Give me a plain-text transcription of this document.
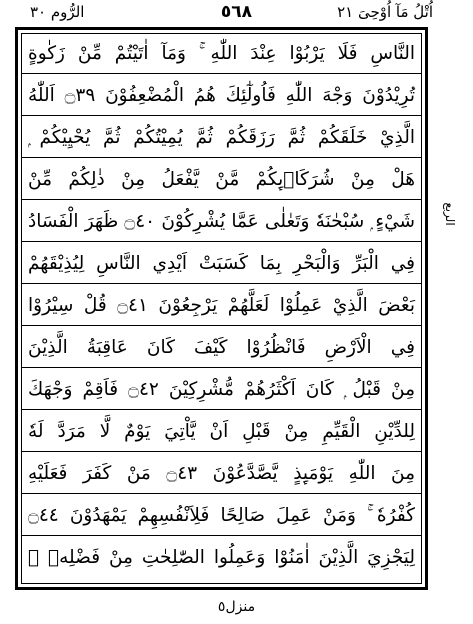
الرُّوم ٣٠	٥٦٨	اُتْلُ مَآ اُوْحِیَ ٢١
النَّاسِ فَلَا يَرْبُوْا عِنْدَ اللّٰهِ ۚ وَمَآ اٰتَيْتُمْ مِّنْ زَكٰوةٍ
تُرِيْدُوْنَ وَجْهَ اللّٰهِ فَاُولٰٓئِكَ هُمُ الْمُضْعِفُوْنَ ۝٣٩ اَللّٰهُ
الَّذِيْ خَلَقَكُمْ ثُمَّ رَزَقَكُمْ ثُمَّ يُمِيْتُكُمْ ثُمَّ يُحْيِيْكُمْ ۭ
هَلْ مِنْ شُرَكَاۗىِٕكُمْ مَّنْ يَّفْعَلُ مِنْ ذٰلِكُمْ مِّنْ
شَيْءٍ ۭ سُبْحٰنَهٗ وَتَعٰلٰى عَمَّا يُشْرِكُوْنَ ۝٤٠ ظَهَرَ الْفَسَادُ
فِي الْبَرِّ وَالْبَحْرِ بِمَا كَسَبَتْ اَيْدِي النَّاسِ لِيُذِيْقَهُمْ
بَعْضَ الَّذِيْ عَمِلُوْا لَعَلَّهُمْ يَرْجِعُوْنَ ۝٤١ قُلْ سِيْرُوْا
فِي الْاَرْضِ فَانْظُرُوْا كَيْفَ كَانَ عَاقِبَةُ الَّذِيْنَ
مِنْ قَبْلُ ۭ كَانَ اَكْثَرُهُمْ مُّشْرِكِيْنَ ۝٤٢ فَاَقِمْ وَجْهَكَ
لِلدِّيْنِ الْقَيِّمِ مِنْ قَبْلِ اَنْ يَّاْتِيَ يَوْمٌ لَّا مَرَدَّ لَهٗ
مِنَ اللّٰهِ يَوْمَىِٕذٍ يَّصَّدَّعُوْنَ ۝٤٣ مَنْ كَفَرَ فَعَلَيْهِ
كُفْرُهٗ ۚ وَمَنْ عَمِلَ صَالِحًا فَلِاَنْفُسِهِمْ يَمْهَدُوْنَ ۝٤٤
لِيَجْزِيَ الَّذِيْنَ اٰمَنُوْا وَعَمِلُوا الصّٰلِحٰتِ مِنْ فَضْلِهٖ ۭ
الربع
منزل٥
